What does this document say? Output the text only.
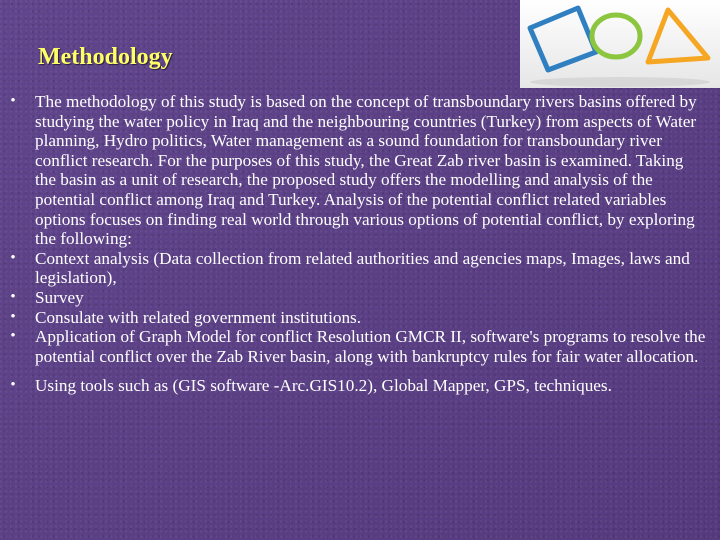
Methodology
• The methodology of this study is based on the concept of transboundary rivers basins offered by studying the water policy in Iraq and the neighbouring countries (Turkey) from aspects of Water planning, Hydro politics, Water management as a sound foundation for transboundary river conflict research. For the purposes of this study, the Great Zab river basin is examined. Taking the basin as a unit of research, the proposed study offers the modelling and analysis of the potential conflict among Iraq and Turkey. Analysis of the potential conflict related variables options focuses on finding real world through various options of potential conflict, by exploring the following:
• Context analysis (Data collection from related authorities and agencies maps, Images, laws and legislation),
• Survey
• Consulate with related government institutions.
• Application of Graph Model for conflict Resolution GMCR II, software's programs to resolve the potential conflict over the Zab River basin, along with bankruptcy rules for fair water allocation.
• Using tools such as (GIS software -Arc.GIS10.2), Global Mapper, GPS, techniques.
